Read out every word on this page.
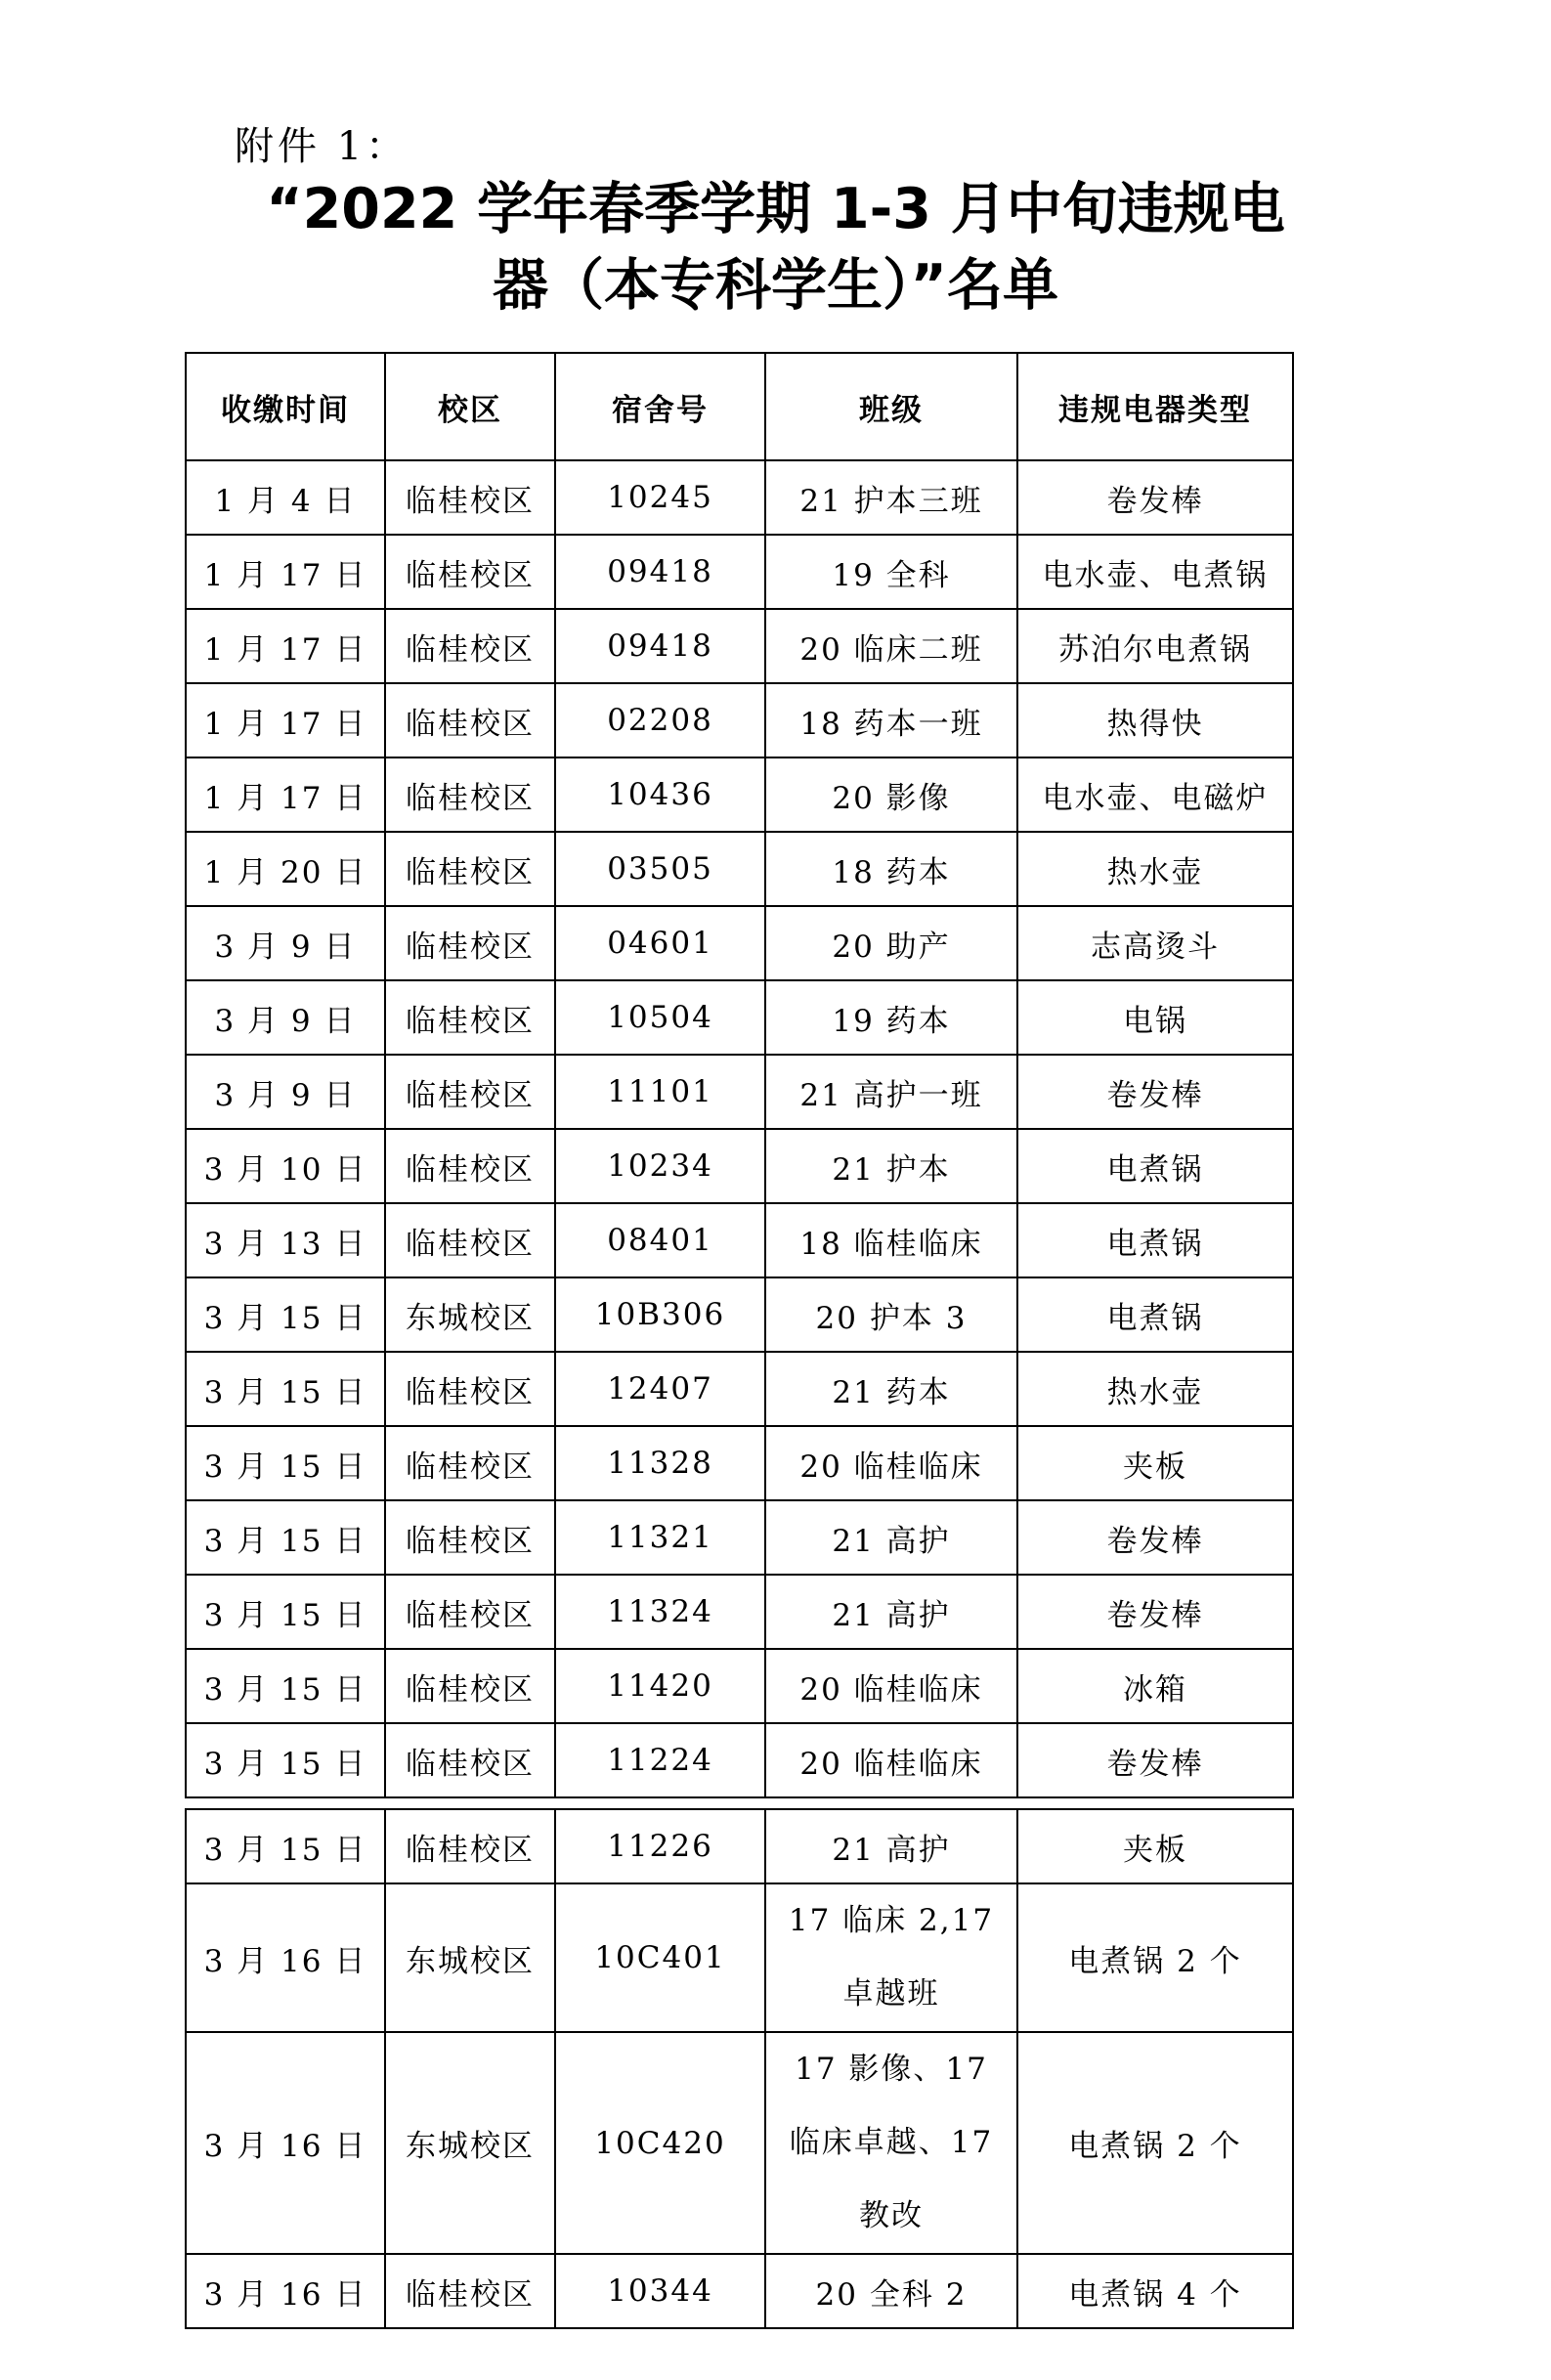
附件 1：
“2022 学年春季学期 1-3 月中旬违规电
器（本专科学生）”名单
收缴时间	校区	宿舍号	班级	违规电器类型
1 月 4 日	临桂校区	10245	21 护本三班	卷发棒
1 月 17 日	临桂校区	09418	19 全科	电水壶、电煮锅
1 月 17 日	临桂校区	09418	20 临床二班	苏泊尔电煮锅
1 月 17 日	临桂校区	02208	18 药本一班	热得快
1 月 17 日	临桂校区	10436	20 影像	电水壶、电磁炉
1 月 20 日	临桂校区	03505	18 药本	热水壶
3 月 9 日	临桂校区	04601	20 助产	志高烫斗
3 月 9 日	临桂校区	10504	19 药本	电锅
3 月 9 日	临桂校区	11101	21 高护一班	卷发棒
3 月 10 日	临桂校区	10234	21 护本	电煮锅
3 月 13 日	临桂校区	08401	18 临桂临床	电煮锅
3 月 15 日	东城校区	10B306	20 护本 3	电煮锅
3 月 15 日	临桂校区	12407	21 药本	热水壶
3 月 15 日	临桂校区	11328	20 临桂临床	夹板
3 月 15 日	临桂校区	11321	21 高护	卷发棒
3 月 15 日	临桂校区	11324	21 高护	卷发棒
3 月 15 日	临桂校区	11420	20 临桂临床	冰箱
3 月 15 日	临桂校区	11224	20 临桂临床	卷发棒
3 月 15 日	临桂校区	11226	21 高护	夹板
3 月 16 日	东城校区	10C401	17 临床 2,17 卓越班	电煮锅 2 个
3 月 16 日	东城校区	10C420	17 影像、17 临床卓越、17 教改	电煮锅 2 个
3 月 16 日	临桂校区	10344	20 全科 2	电煮锅 4 个
